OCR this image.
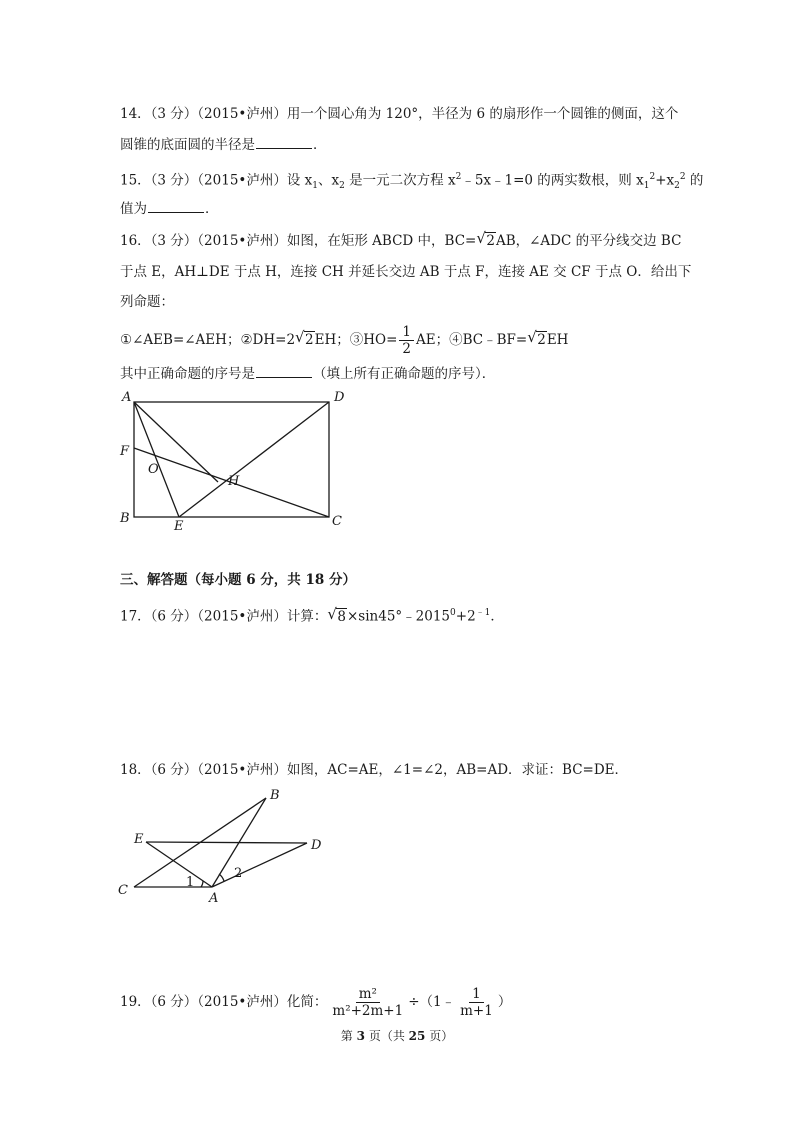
14．（3 分）（2015•泸州）用一个圆心角为 120°，半径为 6 的扇形作一个圆锥的侧面，这个
圆锥的底面圆的半径是	．
15．（3 分）（2015•泸州）设 $x_1$、$x_2$ 是一元二次方程 $x^2﹣5x﹣1=0$ 的两实数根，则 $x_1^2+x_2^2$ 的
值为	．
16．（3 分）（2015•泸州）如图，在矩形 ABCD 中，BC= √ 2AB，∠ADC 的平分线交边 BC
于点 E，AH⊥DE 于点 H，连接 CH 并延长交边 AB 于点 F，连接 AE 交 CF 于点 O．给出下
列命题：
①∠AEB=∠AEH；②DH=2 √ 2EH；③HO= $\frac{1}{2}$ AE；④BC﹣BF= √ 2EH
其中正确命题的序号是	（填上所有正确命题的序号）．
A	D
F
O
H
B
E	C
三、解答题（每小题 6 分，共 18 分）
17．（6 分）（2015•泸州）计算： √ $8\times\sin 45^\circ﹣2015^0+2^{﹣1}$．
18．（6 分）（2015•泸州）如图，AC=AE，∠1=∠2，AB=AD．求证：BC=DE．
B
E	D
C
A
1
2
19．（6 分）（2015•泸州）化简： $\frac{\text{m²}}{\text{m²+2m+1}}$ ÷（1﹣ $\frac{1}{m+1}$ ）
第 3 页（共 25 页）
